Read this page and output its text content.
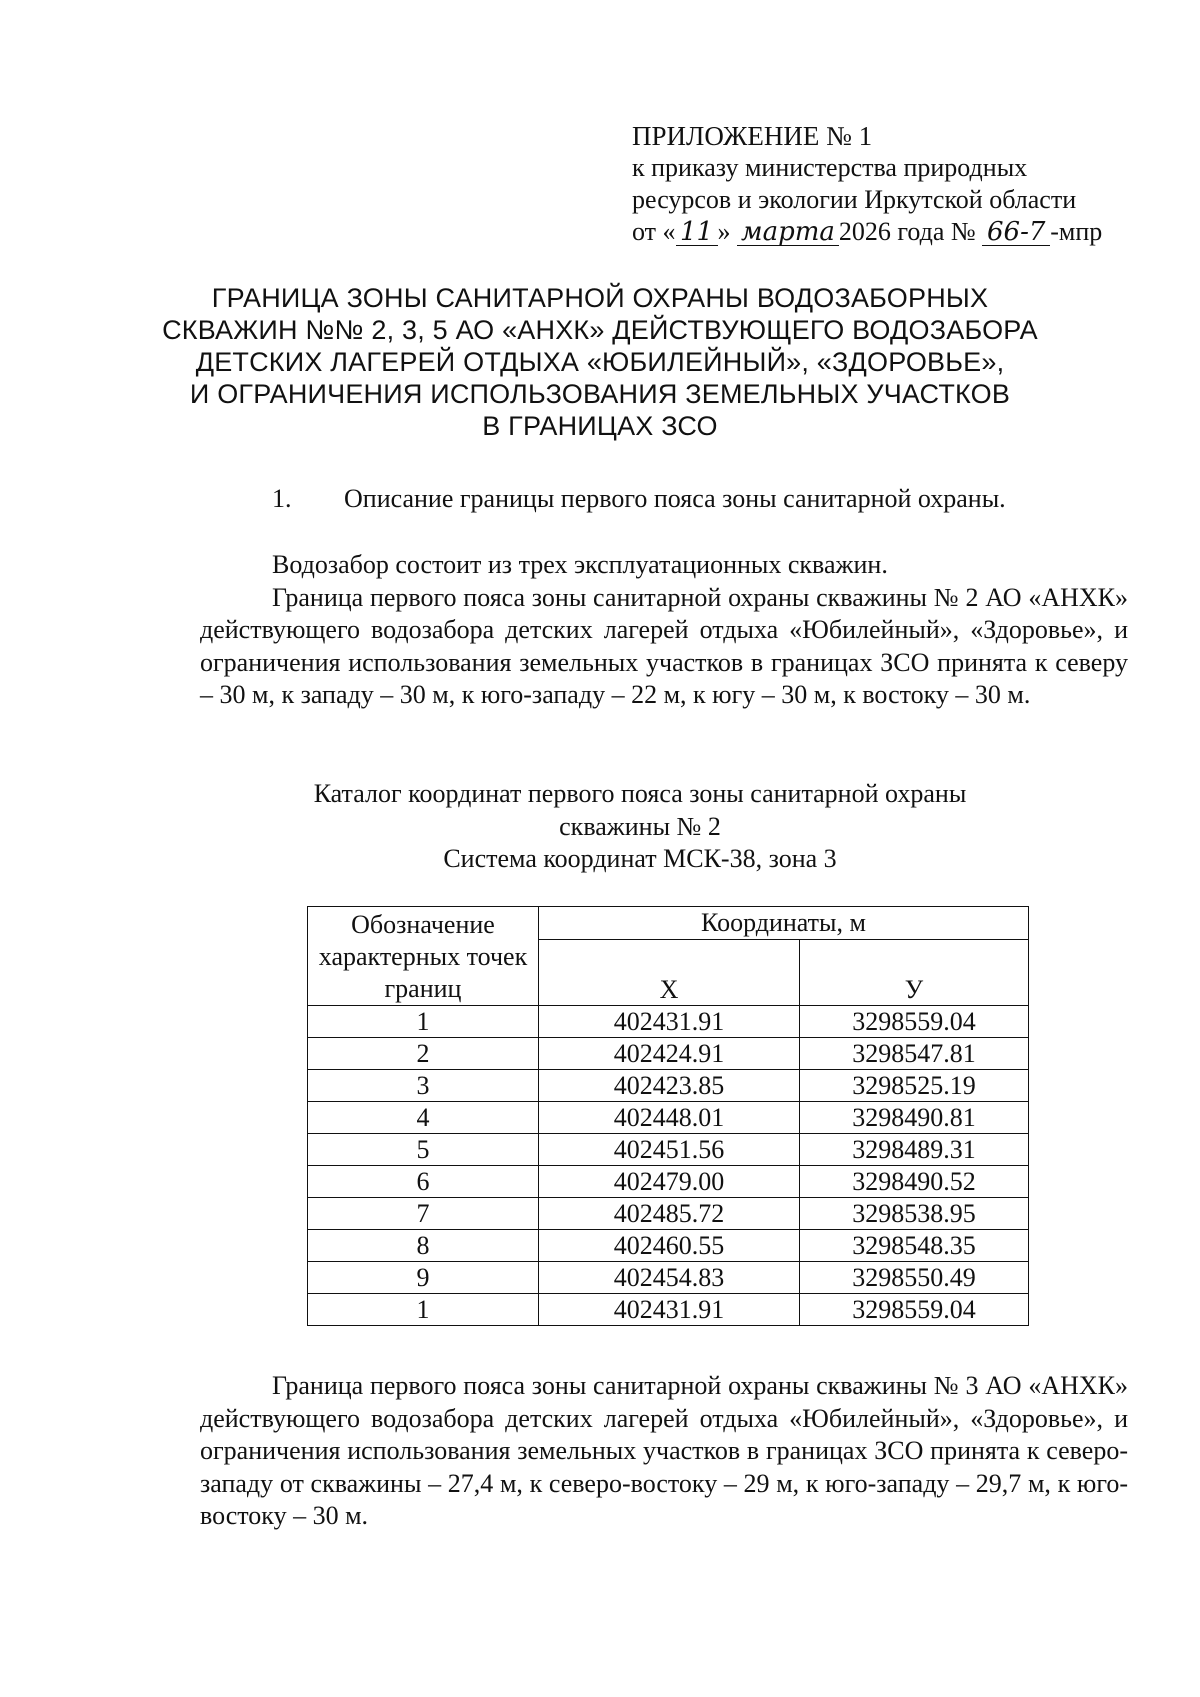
ПРИЛОЖЕНИЕ № 1
к приказу министерства природных
ресурсов и экологии Иркутской области
от « 11 » марта 2026 года № 66-7 -мпр
ГРАНИЦА ЗОНЫ САНИТАРНОЙ ОХРАНЫ ВОДОЗАБОРНЫХ
СКВАЖИН №№ 2, 3, 5 АО «АНХК» ДЕЙСТВУЮЩЕГО ВОДОЗАБОРА
ДЕТСКИХ ЛАГЕРЕЙ ОТДЫХА «ЮБИЛЕЙНЫЙ», «ЗДОРОВЬЕ»,
И ОГРАНИЧЕНИЯ ИСПОЛЬЗОВАНИЯ ЗЕМЕЛЬНЫХ УЧАСТКОВ
В ГРАНИЦАХ ЗСО
1. Описание границы первого пояса зоны санитарной охраны.

Водозабор состоит из трех эксплуатационных скважин.

Граница первого пояса зоны санитарной охраны скважины № 2 АО «АНХК» действующего водозабора детских лагерей отдыха «Юбилейный», «Здоровье», и ограничения использования земельных участков в границах ЗСО принята к северу – 30 м, к западу – 30 м, к юго-западу – 22 м, к югу – 30 м, к востоку – 30 м.

Каталог координат первого пояса зоны санитарной охраны
скважины № 2
Система координат МСК-38, зона 3
Обозначение характерных точек границ	Координаты, м	
	Х	У
1	402431.91	3298559.04
2	402424.91	3298547.81
3	402423.85	3298525.19
4	402448.01	3298490.81
5	402451.56	3298489.31
6	402479.00	3298490.52
7	402485.72	3298538.95
8	402460.55	3298548.35
9	402454.83	3298550.49
1	402431.91	3298559.04

Граница первого пояса зоны санитарной охраны скважины № 3 АО «АНХК» действующего водозабора детских лагерей отдыха «Юбилейный», «Здоровье», и ограничения использования земельных участков в границах ЗСО принята к северо-западу от скважины – 27,4 м, к северо-востоку – 29 м, к юго-западу – 29,7 м, к юго-востоку – 30 м.
